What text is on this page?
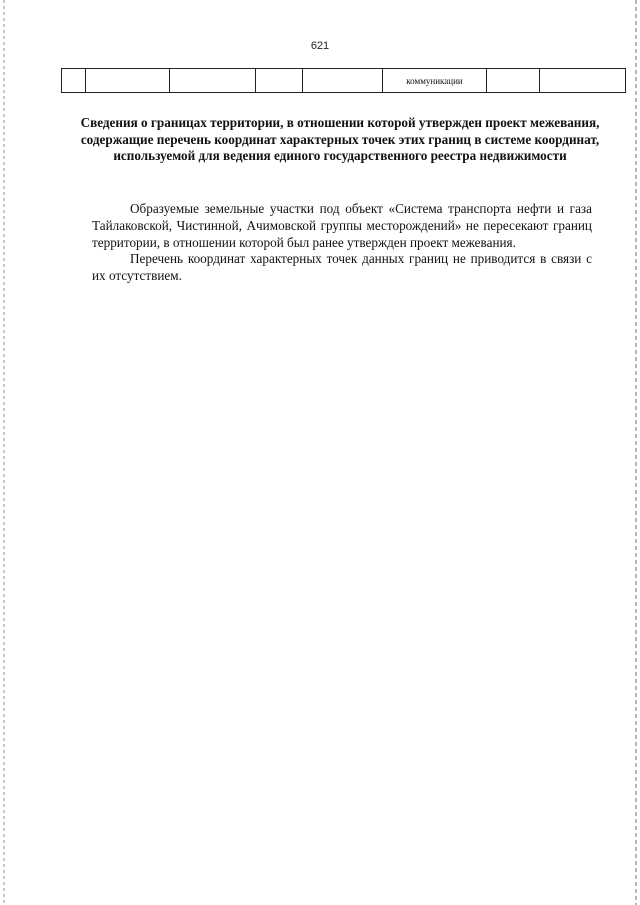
621
					коммуникации		
Сведения о границах территории, в отношении которой утвержден проект межевания, содержащие перечень координат характерных точек этих границ в системе координат, используемой для ведения единого государственного реестра недвижимости

Образуемые земельные участки под объект «Система транспорта нефти и газа Тайлаковской, Чистинной, Ачимовской группы месторождений» не пересекают границ территории, в отношении которой был ранее утвержден проект межевания.

Перечень координат характерных точек данных границ не приводится в связи с их отсутствием.
